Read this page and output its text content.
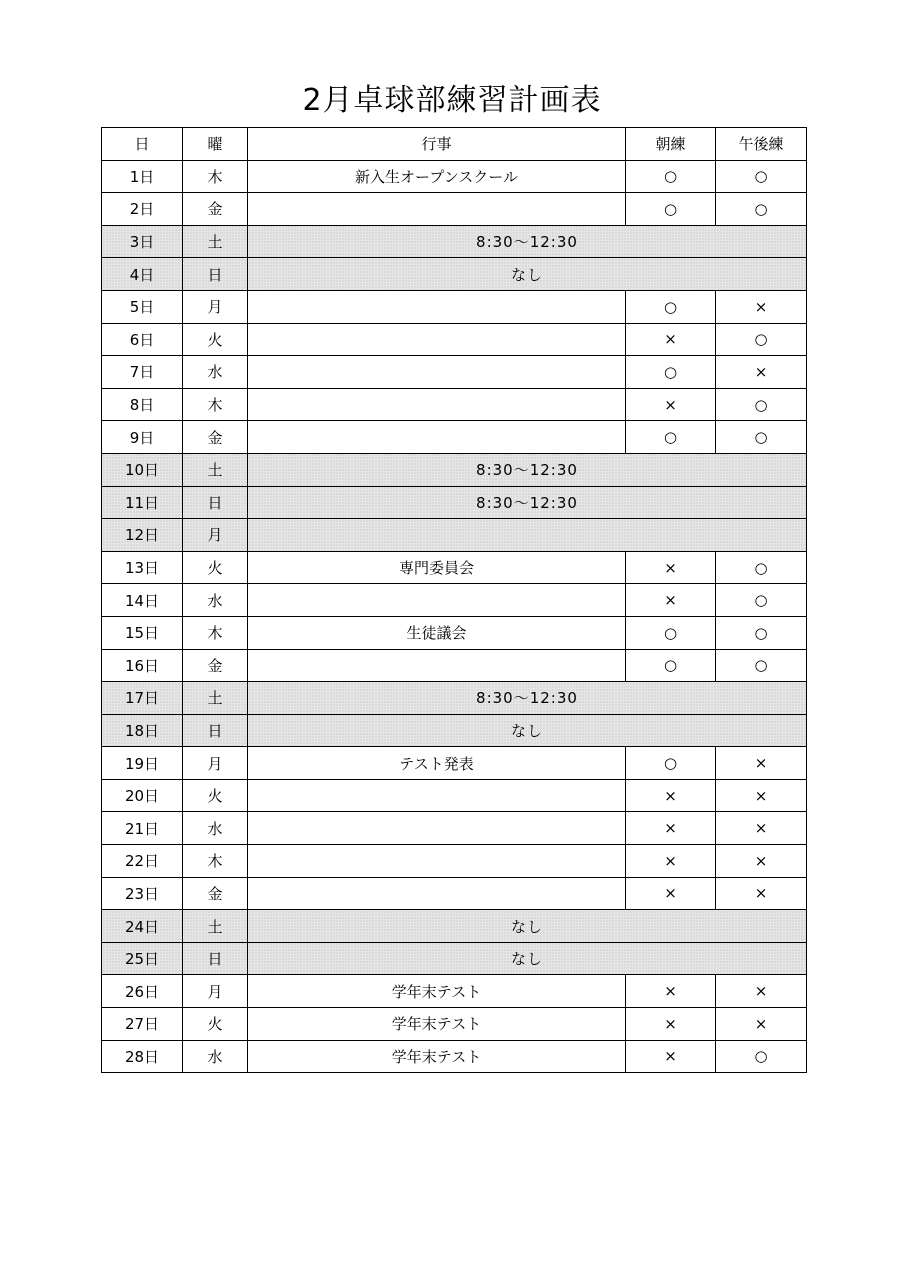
2月卓球部練習計画表
日	曜	行事	朝練	午後練
1日	木	新入生オープンスクール	○	○
2日	金		○	○
3日	土	8:30〜12:30		
4日	日	なし		
5日	月		○	×
6日	火		×	○
7日	水		○	×
8日	木		×	○
9日	金		○	○
10日	土	8:30〜12:30		
11日	日	8:30〜12:30		
12日	月			
13日	火	専門委員会	×	○
14日	水		×	○
15日	木	生徒議会	○	○
16日	金		○	○
17日	土	8:30〜12:30		
18日	日	なし		
19日	月	テスト発表	○	×
20日	火		×	×
21日	水		×	×
22日	木		×	×
23日	金		×	×
24日	土	なし		
25日	日	なし		
26日	月	学年末テスト	×	×
27日	火	学年末テスト	×	×
28日	水	学年末テスト	×	○
